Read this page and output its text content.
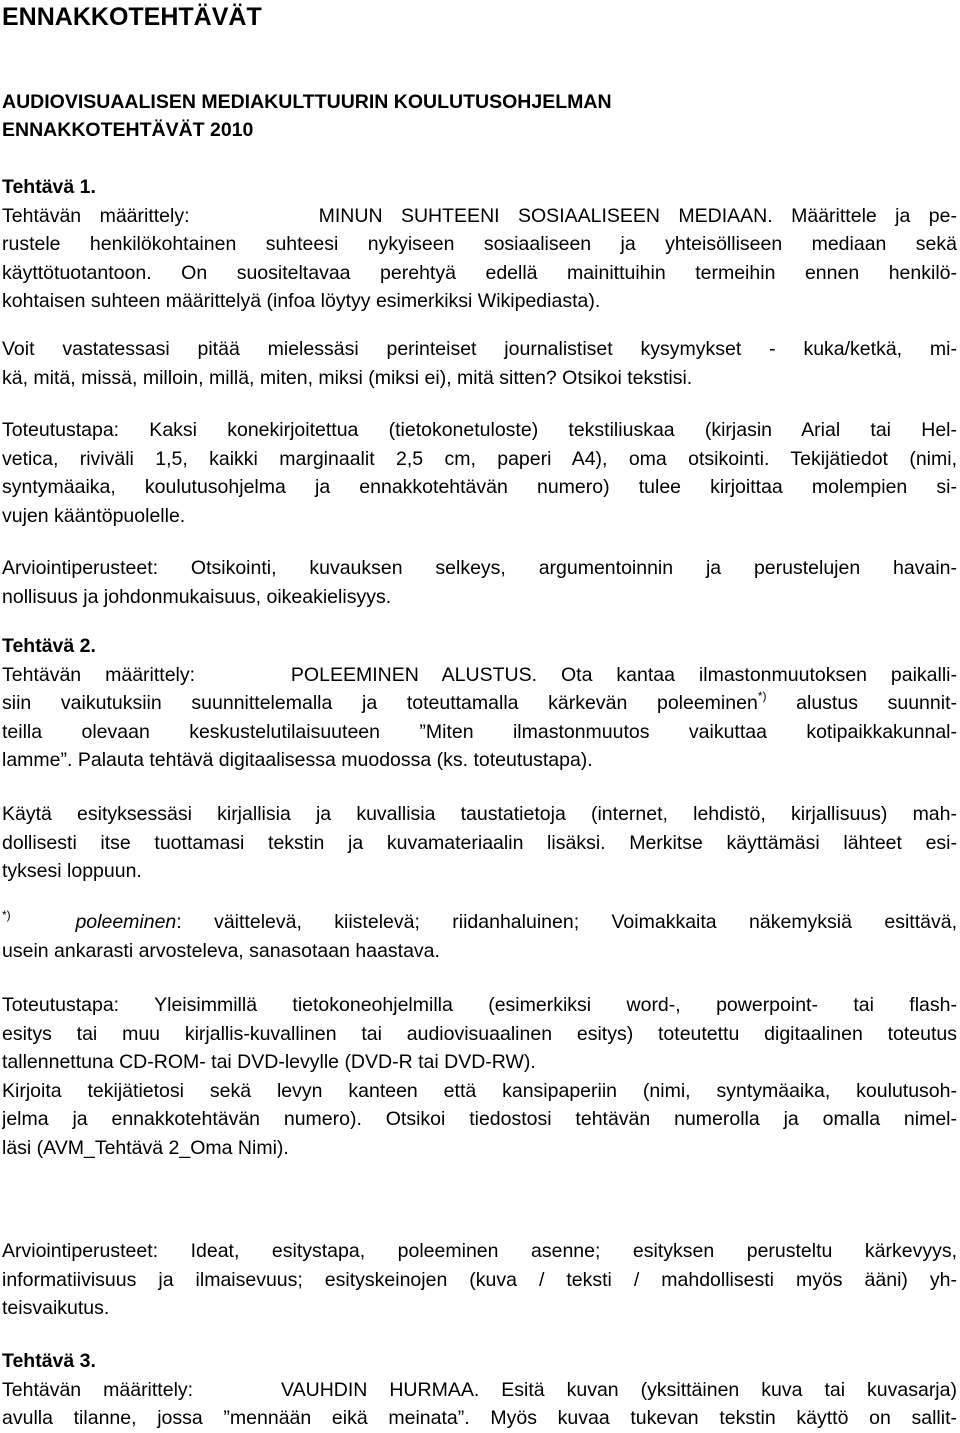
ENNAKKOTEHTÄVÄT
AUDIOVISUAALISEN MEDIAKULTTUURIN KOULUTUSOHJELMAN
ENNAKKOTEHTÄVÄT 2010
Tehtävä 1.
Tehtävän määrittely:	MINUN SUHTEENI SOSIAALISEEN MEDIAAN. Määrittele ja pe-
rustele henkilökohtainen suhteesi nykyiseen sosiaaliseen ja yhteisölliseen mediaan sekä
käyttötuotantoon. On suositeltavaa perehtyä edellä mainittuihin termeihin ennen henkilö-
kohtaisen suhteen määrittelyä (infoa löytyy esimerkiksi Wikipediasta).
Voit vastatessasi pitää mielessäsi perinteiset journalistiset kysymykset - kuka/ketkä, mi-
kä, mitä, missä, milloin, millä, miten, miksi (miksi ei), mitä sitten? Otsikoi tekstisi.
Toteutustapa: Kaksi konekirjoitettua (tietokonetuloste) tekstiliuskaa (kirjasin Arial tai Hel-
vetica, riviväli 1,5, kaikki marginaalit 2,5 cm, paperi A4), oma otsikointi. Tekijätiedot (nimi,
syntymäaika, koulutusohjelma ja ennakkotehtävän numero) tulee kirjoittaa molempien si-
vujen kääntöpuolelle.
Arviointiperusteet: Otsikointi, kuvauksen selkeys, argumentoinnin ja perustelujen havain-
nollisuus ja johdonmukaisuus, oikeakielisyys.
Tehtävä 2.
Tehtävän määrittely:	POLEEMINEN ALUSTUS. Ota kantaa ilmastonmuutoksen paikalli-
siin vaikutuksiin suunnittelemalla ja toteuttamalla kärkevän poleeminen*) alustus suunnit-
teilla olevaan keskustelutilaisuuteen ”Miten ilmastonmuutos vaikuttaa kotipaikkakunnal-
lamme”. Palauta tehtävä digitaalisessa muodossa (ks. toteutustapa).
Käytä esityksessäsi kirjallisia ja kuvallisia taustatietoja (internet, lehdistö, kirjallisuus) mah-
dollisesti itse tuottamasi tekstin ja kuvamateriaalin lisäksi. Merkitse käyttämäsi lähteet esi-
tyksesi loppuun.
*)	poleeminen: väittelevä, kiistelevä; riidanhaluinen; Voimakkaita näkemyksiä esittävä,
usein ankarasti arvosteleva, sanasotaan haastava.
Toteutustapa: Yleisimmillä tietokoneohjelmilla (esimerkiksi word-, powerpoint- tai flash-
esitys tai muu kirjallis-kuvallinen tai audiovisuaalinen esitys) toteutettu digitaalinen toteutus
tallennettuna CD-ROM- tai DVD-levylle (DVD-R tai DVD-RW).
Kirjoita tekijätietosi sekä levyn kanteen että kansipaperiin (nimi, syntymäaika, koulutusoh-
jelma ja ennakkotehtävän numero). Otsikoi tiedostosi tehtävän numerolla ja omalla nimel-
läsi (AVM_Tehtävä 2_Oma Nimi).
Arviointiperusteet: Ideat, esitystapa, poleeminen asenne; esityksen perusteltu kärkevyys,
informatiivisuus ja ilmaisevuus; esityskeinojen (kuva / teksti / mahdollisesti myös ääni) yh-
teisvaikutus.
Tehtävä 3.
Tehtävän määrittely:	VAUHDIN HURMAA. Esitä kuvan (yksittäinen kuva tai kuvasarja)
avulla tilanne, jossa ”mennään eikä meinata”. Myös kuvaa tukevan tekstin käyttö on sallit-
